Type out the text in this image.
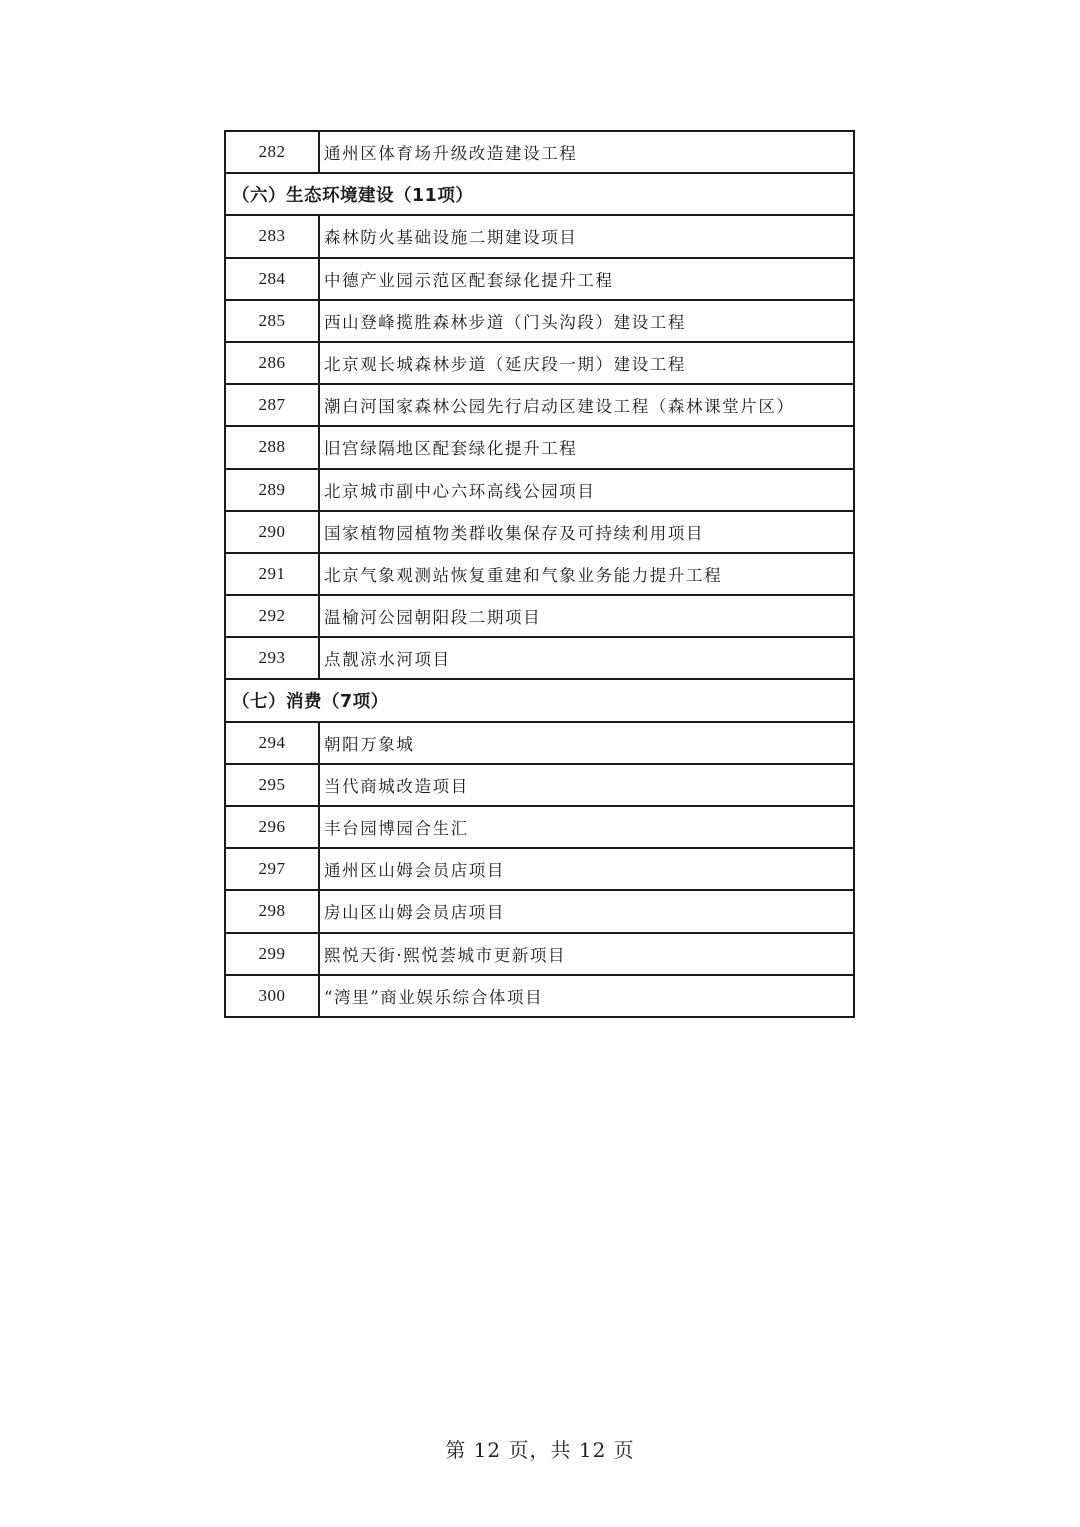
282	通州区体育场升级改造建设工程
（六）生态环境建设（11项）	
283	森林防火基础设施二期建设项目
284	中德产业园示范区配套绿化提升工程
285	西山登峰揽胜森林步道（门头沟段）建设工程
286	北京观长城森林步道（延庆段一期）建设工程
287	潮白河国家森林公园先行启动区建设工程（森林课堂片区）
288	旧宫绿隔地区配套绿化提升工程
289	北京城市副中心六环高线公园项目
290	国家植物园植物类群收集保存及可持续利用项目
291	北京气象观测站恢复重建和气象业务能力提升工程
292	温榆河公园朝阳段二期项目
293	点靓凉水河项目
（七）消费（7项）	
294	朝阳万象城
295	当代商城改造项目
296	丰台园博园合生汇
297	通州区山姆会员店项目
298	房山区山姆会员店项目
299	熙悦天街·熙悦荟城市更新项目
300	“湾里”商业娱乐综合体项目
第 12 页，共 12 页
